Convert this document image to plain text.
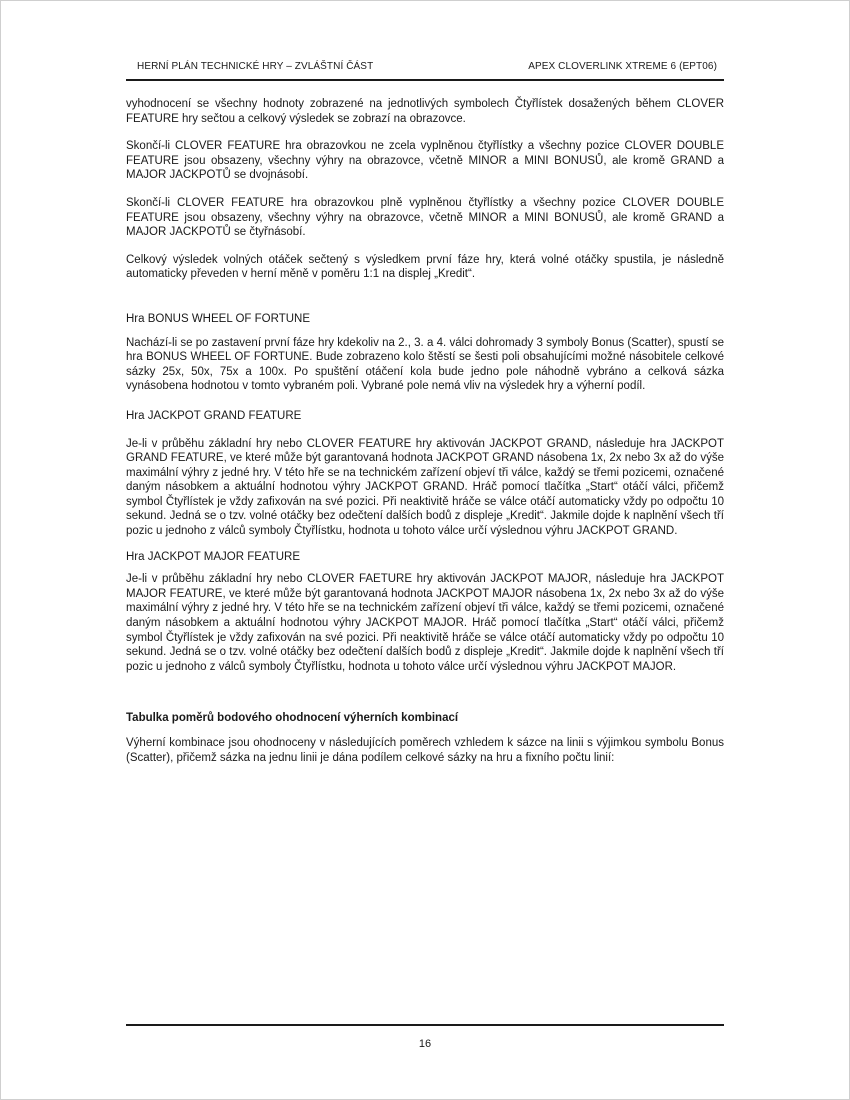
HERNÍ PLÁN TECHNICKÉ HRY – ZVLÁŠTNÍ ČÁST	APEX CLOVERLINK XTREME 6 (EPT06)

vyhodnocení se všechny hodnoty zobrazené na jednotlivých symbolech Čtyřlístek dosažených během CLOVER FEATURE hry sečtou a celkový výsledek se zobrazí na obrazovce.

Skončí-li CLOVER FEATURE hra obrazovkou ne zcela vyplněnou čtyřlístky a všechny pozice CLOVER DOUBLE FEATURE jsou obsazeny, všechny výhry na obrazovce, včetně MINOR a MINI BONUSŮ, ale kromě GRAND a MAJOR JACKPOTŮ se dvojnásobí.

Skončí-li CLOVER FEATURE hra obrazovkou plně vyplněnou čtyřlístky a všechny pozice CLOVER DOUBLE FEATURE jsou obsazeny, všechny výhry na obrazovce, včetně MINOR a MINI BONUSŮ, ale kromě GRAND a MAJOR JACKPOTŮ se čtyřnásobí.

Celkový výsledek volných otáček sečtený s výsledkem první fáze hry, která volné otáčky spustila, je následně automaticky převeden v herní měně v poměru 1:1 na displej „Kredit“.

Hra BONUS WHEEL OF FORTUNE

Nachází-li se po zastavení první fáze hry kdekoliv na 2., 3. a 4. válci dohromady 3 symboly Bonus (Scatter), spustí se hra BONUS WHEEL OF FORTUNE. Bude zobrazeno kolo štěstí se šesti poli obsahujícími možné násobitele celkové sázky 25x, 50x, 75x a 100x. Po spuštění otáčení kola bude jedno pole náhodně vybráno a celková sázka vynásobena hodnotou v tomto vybraném poli. Vybrané pole nemá vliv na výsledek hry a výherní podíl.

Hra JACKPOT GRAND FEATURE

Je-li v průběhu základní hry nebo CLOVER FEATURE hry aktivován JACKPOT GRAND, následuje hra JACKPOT GRAND FEATURE, ve které může být garantovaná hodnota JACKPOT GRAND násobena 1x, 2x nebo 3x až do výše maximální výhry z jedné hry. V této hře se na technickém zařízení objeví tři válce, každý se třemi pozicemi, označené daným násobkem a aktuální hodnotou výhry JACKPOT GRAND. Hráč pomocí tlačítka „Start“ otáčí válci, přičemž symbol Čtyřlístek je vždy zafixován na své pozici. Při neaktivitě hráče se válce otáčí automaticky vždy po odpočtu 10 sekund. Jedná se o tzv. volné otáčky bez odečtení dalších bodů z displeje „Kredit“. Jakmile dojde k naplnění všech tří pozic u jednoho z válců symboly Čtyřlístku, hodnota u tohoto válce určí výslednou výhru JACKPOT GRAND.

Hra JACKPOT MAJOR FEATURE

Je-li v průběhu základní hry nebo CLOVER FAETURE hry aktivován JACKPOT MAJOR, následuje hra JACKPOT MAJOR FEATURE, ve které může být garantovaná hodnota JACKPOT MAJOR násobena 1x, 2x nebo 3x až do výše maximální výhry z jedné hry. V této hře se na technickém zařízení objeví tři válce, každý se třemi pozicemi, označené daným násobkem a aktuální hodnotou výhry JACKPOT MAJOR. Hráč pomocí tlačítka „Start“ otáčí válci, přičemž symbol Čtyřlístek je vždy zafixován na své pozici. Při neaktivitě hráče se válce otáčí automaticky vždy po odpočtu 10 sekund. Jedná se o tzv. volné otáčky bez odečtení dalších bodů z displeje „Kredit“. Jakmile dojde k naplnění všech tří pozic u jednoho z válců symboly Čtyřlístku, hodnota u tohoto válce určí výslednou výhru JACKPOT MAJOR.

Tabulka poměrů bodového ohodnocení výherních kombinací

Výherní kombinace jsou ohodnoceny v následujících poměrech vzhledem k sázce na linii s výjimkou symbolu Bonus (Scatter), přičemž sázka na jednu linii je dána podílem celkové sázky na hru a fixního počtu linií:

16
